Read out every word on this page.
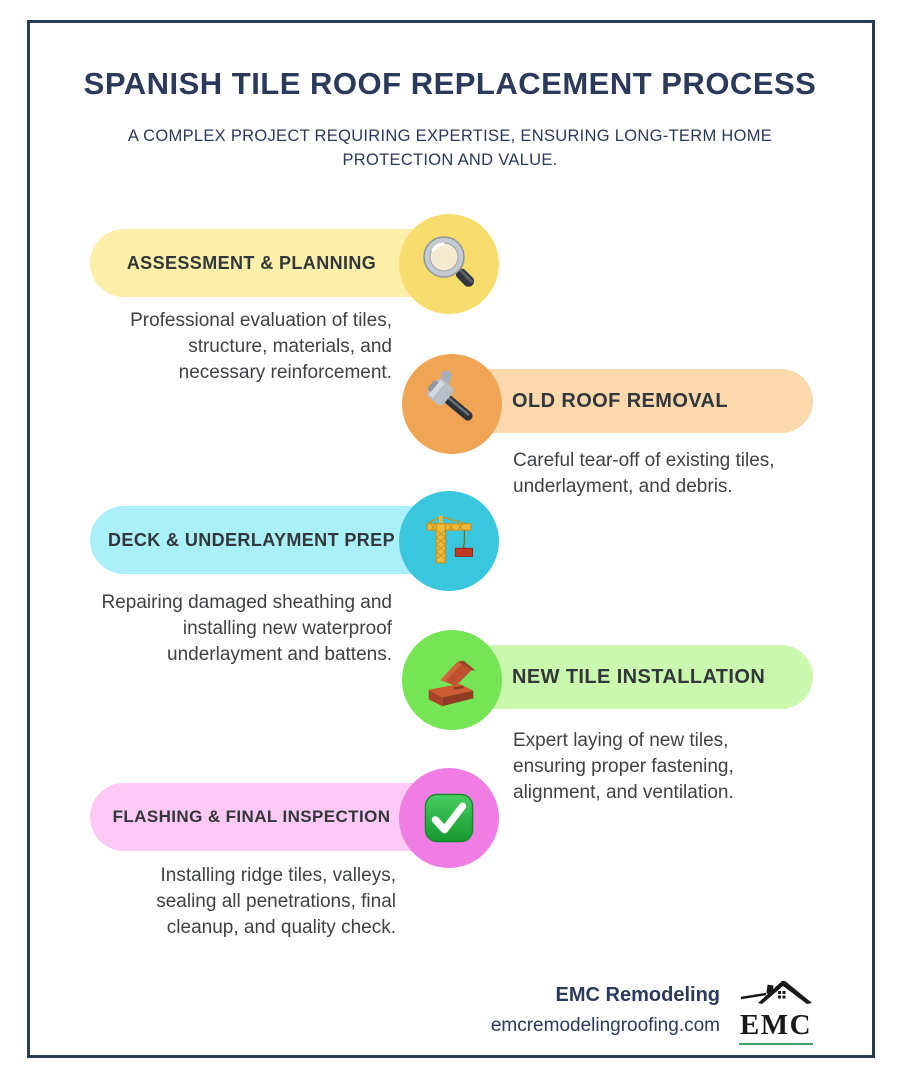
SPANISH TILE ROOF REPLACEMENT PROCESS

A COMPLEX PROJECT REQUIRING EXPERTISE, ENSURING LONG-TERM HOME PROTECTION AND VALUE.

ASSESSMENT & PLANNING

Professional evaluation of tiles, structure, materials, and necessary reinforcement.

OLD ROOF REMOVAL

Careful tear-off of existing tiles, underlayment, and debris.

DECK & UNDERLAYMENT PREP

Repairing damaged sheathing and installing new waterproof underlayment and battens.

NEW TILE INSTALLATION

Expert laying of new tiles, ensuring proper fastening, alignment, and ventilation.

FLASHING & FINAL INSPECTION

Installing ridge tiles, valleys, sealing all penetrations, final cleanup, and quality check.

EMC Remodeling
emcremodelingroofing.com EMC
